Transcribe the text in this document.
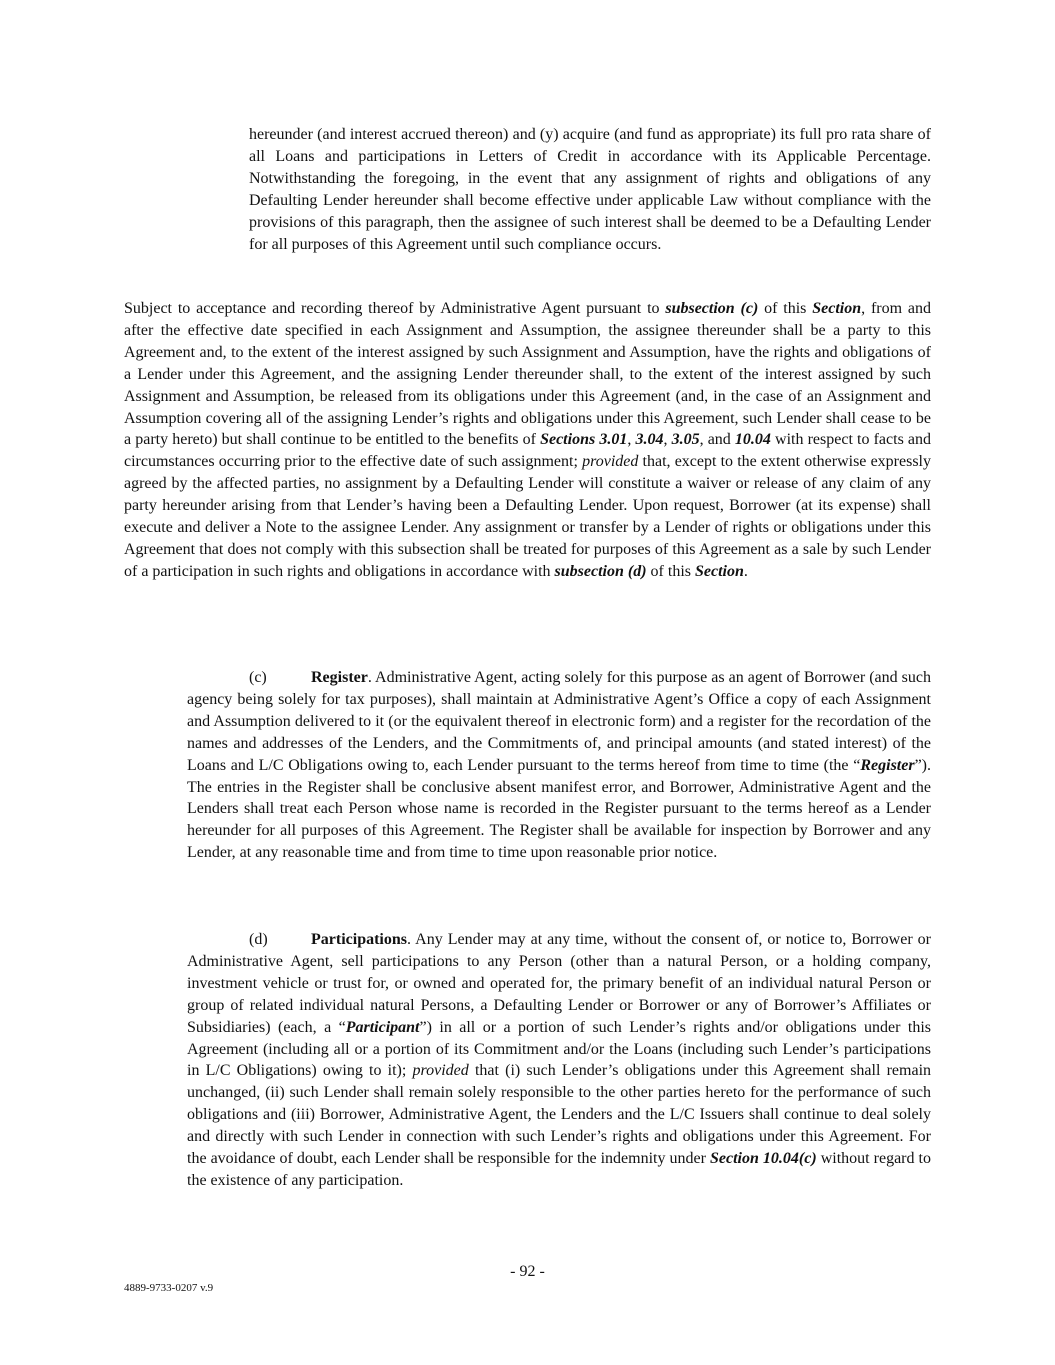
hereunder (and interest accrued thereon) and (y) acquire (and fund as appropriate) its full pro rata share of all Loans and participations in Letters of Credit in accordance with its Applicable Percentage. Notwithstanding the foregoing, in the event that any assignment of rights and obligations of any Defaulting Lender hereunder shall become effective under applicable Law without compliance with the provisions of this paragraph, then the assignee of such interest shall be deemed to be a Defaulting Lender for all purposes of this Agreement until such compliance occurs.

Subject to acceptance and recording thereof by Administrative Agent pursuant to subsection (c) of this Section, from and after the effective date specified in each Assignment and Assumption, the assignee thereunder shall be a party to this Agreement and, to the extent of the interest assigned by such Assignment and Assumption, have the rights and obligations of a Lender under this Agreement, and the assigning Lender thereunder shall, to the extent of the interest assigned by such Assignment and Assumption, be released from its obligations under this Agreement (and, in the case of an Assignment and Assumption covering all of the assigning Lender’s rights and obligations under this Agreement, such Lender shall cease to be a party hereto) but shall continue to be entitled to the benefits of Sections 3.01, 3.04, 3.05, and 10.04 with respect to facts and circumstances occurring prior to the effective date of such assignment; provided that, except to the extent otherwise expressly agreed by the affected parties, no assignment by a Defaulting Lender will constitute a waiver or release of any claim of any party hereunder arising from that Lender’s having been a Defaulting Lender. Upon request, Borrower (at its expense) shall execute and deliver a Note to the assignee Lender. Any assignment or transfer by a Lender of rights or obligations under this Agreement that does not comply with this subsection shall be treated for purposes of this Agreement as a sale by such Lender of a participation in such rights and obligations in accordance with subsection (d) of this Section.

(c)	Register. Administrative Agent, acting solely for this purpose as an agent of Borrower (and such agency being solely for tax purposes), shall maintain at Administrative Agent’s Office a copy of each Assignment and Assumption delivered to it (or the equivalent thereof in electronic form) and a register for the recordation of the names and addresses of the Lenders, and the Commitments of, and principal amounts (and stated interest) of the Loans and L/C Obligations owing to, each Lender pursuant to the terms hereof from time to time (the “Register”). The entries in the Register shall be conclusive absent manifest error, and Borrower, Administrative Agent and the Lenders shall treat each Person whose name is recorded in the Register pursuant to the terms hereof as a Lender hereunder for all purposes of this Agreement. The Register shall be available for inspection by Borrower and any Lender, at any reasonable time and from time to time upon reasonable prior notice.

(d)	Participations. Any Lender may at any time, without the consent of, or notice to, Borrower or Administrative Agent, sell participations to any Person (other than a natural Person, or a holding company, investment vehicle or trust for, or owned and operated for, the primary benefit of an individual natural Person or group of related individual natural Persons, a Defaulting Lender or Borrower or any of Borrower’s Affiliates or Subsidiaries) (each, a “Participant”) in all or a portion of such Lender’s rights and/or obligations under this Agreement (including all or a portion of its Commitment and/or the Loans (including such Lender’s participations in L/C Obligations) owing to it); provided that (i) such Lender’s obligations under this Agreement shall remain unchanged, (ii) such Lender shall remain solely responsible to the other parties hereto for the performance of such obligations and (iii) Borrower, Administrative Agent, the Lenders and the L/C Issuers shall continue to deal solely and directly with such Lender in connection with such Lender’s rights and obligations under this Agreement. For the avoidance of doubt, each Lender shall be responsible for the indemnity under Section 10.04(c) without regard to the existence of any participation.

- 92 -
4889-9733-0207 v.9
